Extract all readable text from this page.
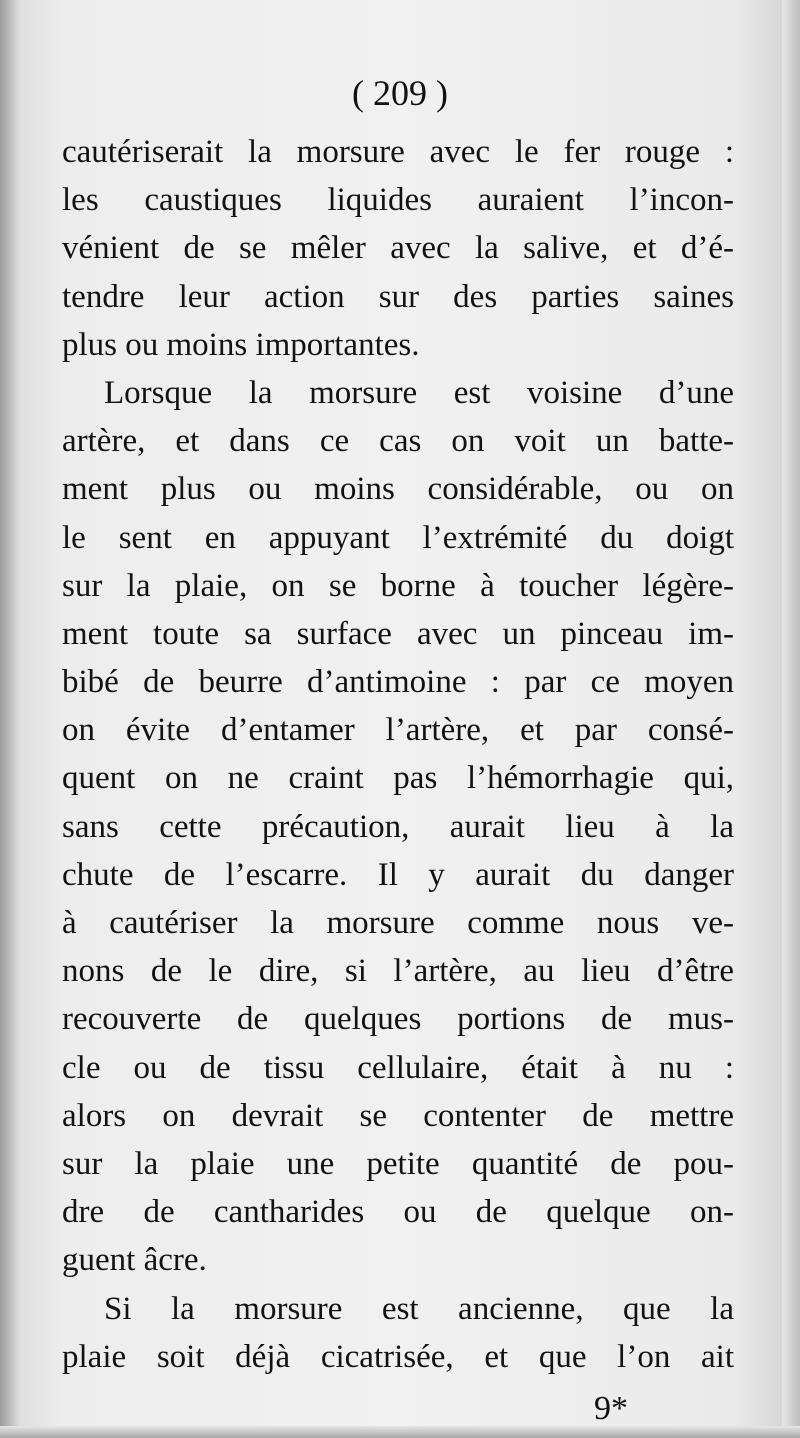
( 209 )
cautériserait la morsure avec le fer rouge :
les caustiques liquides auraient l’incon-
vénient de se mêler avec la salive, et d’é-
tendre leur action sur des parties saines
plus ou moins importantes.
Lorsque la morsure est voisine d’une
artère, et dans ce cas on voit un batte-
ment plus ou moins considérable, ou on
le sent en appuyant l’extrémité du doigt
sur la plaie, on se borne à toucher légère-
ment toute sa surface avec un pinceau im-
bibé de beurre d’antimoine : par ce moyen
on évite d’entamer l’artère, et par consé-
quent on ne craint pas l’hémorrhagie qui,
sans cette précaution, aurait lieu à la
chute de l’escarre. Il y aurait du danger
à cautériser la morsure comme nous ve-
nons de le dire, si l’artère, au lieu d’être
recouverte de quelques portions de mus-
cle ou de tissu cellulaire, était à nu :
alors on devrait se contenter de mettre
sur la plaie une petite quantité de pou-
dre de cantharides ou de quelque on-
guent âcre.
Si la morsure est ancienne, que la
plaie soit déjà cicatrisée, et que l’on ait
9*
